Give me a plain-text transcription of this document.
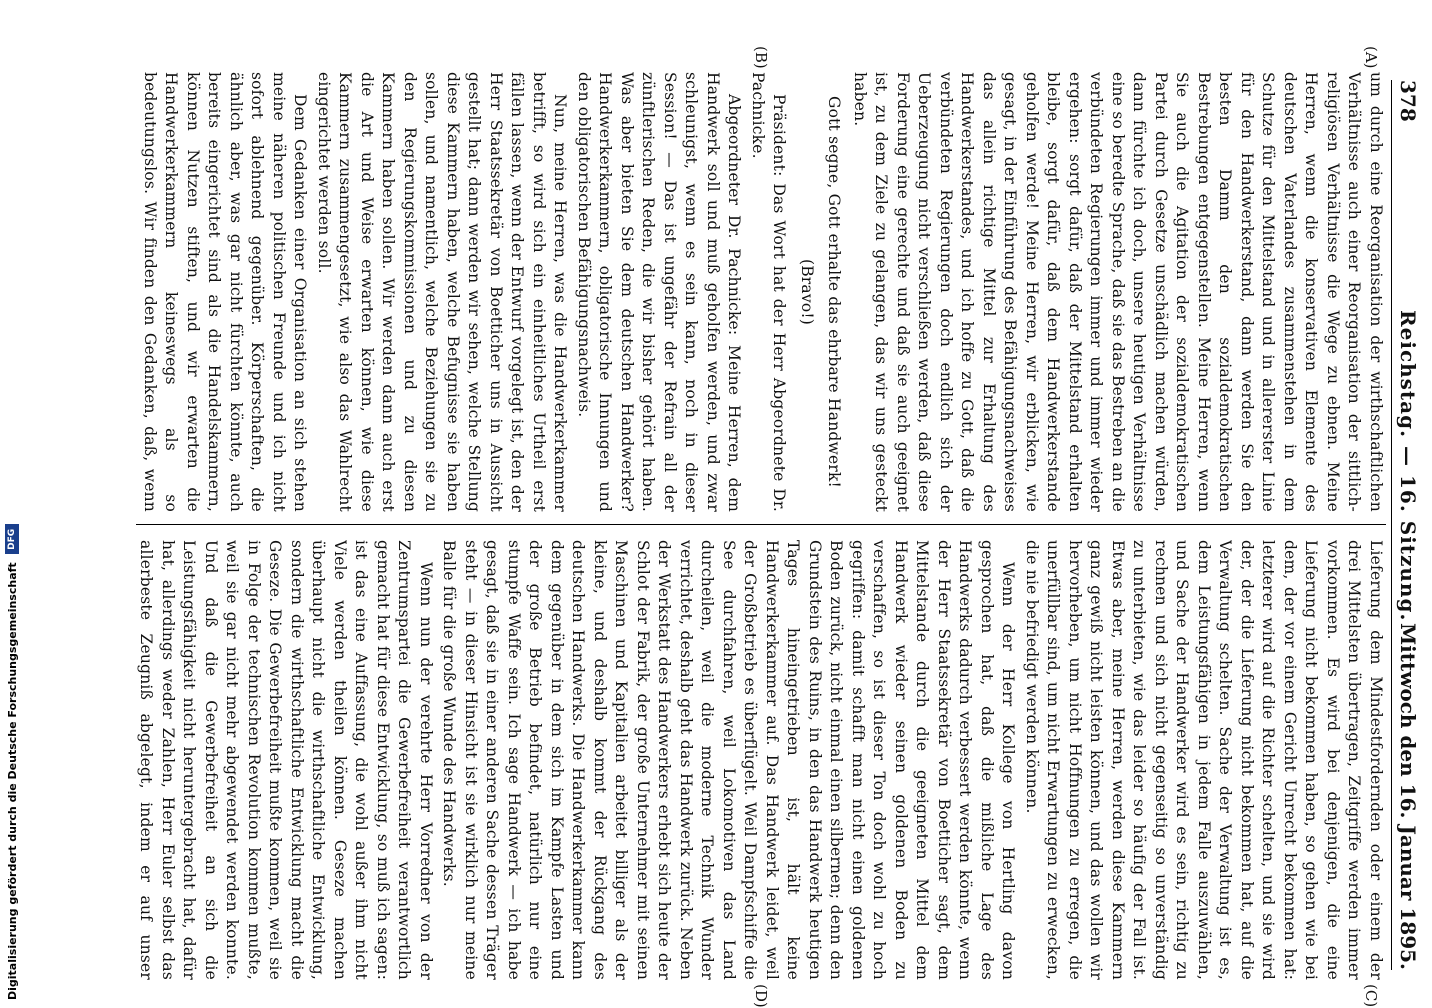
378
Reichstag. — 16. Sitzung.
Mittwoch den 16. Januar 1895.
(A)
(B)
(C)
(D)

um durch eine Reorganisation der wirthschaftlichen Verhältnisse auch einer Reorganisation der sittlich-religiösen Verhältnisse die Wege zu ebnen. Meine Herren, wenn die konservativen Elemente des deutschen Vaterlandes zusammenstehen in dem Schutze für den Mittelstand und in allererster Linie für den Handwerkerstand, dann werden Sie den besten Damm den sozialdemokratischen Bestrebungen entgegenstellen. Meine Herren, wenn Sie auch die Agitation der sozialdemokratischen Partei durch Gesetze unschädlich machen würden, dann fürchte ich doch, unsere heutigen Verhältnisse eine so beredte Sprache, daß sie das Bestreben an die verbündeten Regierungen immer und immer wieder ergehen: sorgt dafür, daß der Mittelstand erhalten bleibe, sorgt dafür, daß dem Handwerkerstande geholfen werde! Meine Herren, wir erblicken, wie gesagt, in der Einführung des Befähigungsnachweises das allein richtige Mittel zur Erhaltung des Handwerkerstandes, und ich hoffe zu Gott, daß die verbündeten Regierungen doch endlich sich der Ueberzeugung nicht verschließen werden, daß diese Forderung eine gerechte und daß sie auch geeignet ist, zu dem Ziele zu gelangen, das wir uns gesteckt haben.

Gott segne, Gott erhalte das ehrbare Handwerk!

(Bravo!)

Präsident: Das Wort hat der Herr Abgeordnete Dr. Pachnicke.

Abgeordneter Dr. Pachnicke: Meine Herren, dem Handwerk soll und muß geholfen werden, und zwar schleunigst, wenn es sein kann, noch in dieser Session! — Das ist ungefähr der Refrain all der zünftlerischen Reden, die wir bisher gehört haben. Was aber bieten Sie dem deutschen Handwerker? Handwerkerkammern, obligatorische Innungen und den obligatorischen Befähigungsnachweis.

Nun, meine Herren, was die Handwerkerkammer betrifft, so wird sich ein einheitliches Urtheil erst fällen lassen, wenn der Entwurf vorgelegt ist, den der Herr Staatssekretär von Boetticher uns in Aussicht gestellt hat; dann werden wir sehen, welche Stellung diese Kammern haben, welche Befugnisse sie haben sollen, und namentlich, welche Beziehungen sie zu den Regierungskommissionen und zu diesen Kammern haben sollen. Wir werden dann auch erst die Art und Weise erwarten können, wie diese Kammern zusammengesetzt, wie also das Wahlrecht eingerichtet werden soll.

Dem Gedanken einer Organisation an sich stehen meine näheren politischen Freunde und ich nicht sofort ablehnend gegenüber. Körperschaften, die ähnlich aber, was gar nicht fürchten könnte, auch bereits eingerichtet sind als die Handelskammern, können Nutzen stiften, und wir erwarten die Handwerkerkammern keineswegs als so bedeutungslos. Wir finden den Gedanken, daß, wenn

Lieferung dem Mindestfordernden oder einem der drei Mittelsten übertragen, Zeitgriffe werden immer vorkommen. Es wird bei denjenigen, die eine Lieferung nicht bekommen haben, so gehen wie bei dem, der vor einem Gericht Unrecht bekommen hat: letzterer wird auf die Richter schelten, und sie wird der, der die Lieferung nicht bekommen hat, auf die Verwaltung schelten. Sache der Verwaltung ist es, dem Leistungsfähigen in jedem Falle auszuwählen, und Sache der Handwerker wird es sein, richtig zu rechnen und sich nicht gegenseitig so unverständig zu unterbieten, wie das leider so häufig der Fall ist. Etwas aber, meine Herren, werden diese Kammern ganz gewiß nicht leisten können, und das wollen wir hervorheben, um nicht Hoffnungen zu erregen, die unerfüllbar sind, um nicht Erwartungen zu erwecken, die nie befriedigt werden können.

Wenn der Herr Kollege von Hertling davon gesprochen hat, daß die mißliche Lage des Handwerks dadurch verbessert werden könnte, wenn der Herr Staatssekretär von Boetticher sagt, dem Mittelstande durch die geeigneten Mittel dem Handwerk wieder seinen goldenen Boden zu verschaffen, so ist dieser Ton doch wohl zu hoch gegriffen: damit schafft man nicht einen goldenen Boden zurück, nicht einmal einen silbernen; denn den Grundstein des Ruins, in den das Handwerk heutigen Tages hineingetrieben ist, hält keine Handwerkerkammer auf. Das Handwerk leidet, weil der Großbetrieb es überflügelt. Weil Dampfschiffe die See durchfahren, weil Lokomotiven das Land durcheilen, weil die moderne Technik Wunder verrichtet, deshalb geht das Handwerk zurück. Neben der Werkstatt des Handwerkers erhebt sich heute der Schlot der Fabrik, der große Unternehmer mit seinen Maschinen und Kapitalien arbeitet billiger als der kleine, und deshalb kommt der Rückgang des deutschen Handwerks. Die Handwerkerkammer kann dem gegenüber in dem sich im Kampfe Lasten und der große Betrieb befindet, natürlich nur eine stumpfe Waffe sein. Ich sage Handwerk — ich habe gesagt, daß sie in einer anderen Sache dessen Träger steht — in dieser Hinsicht ist sie wirklich nur meine Balle für die große Wunde des Handwerks.

Wenn nun der verehrte Herr Vorredner von der Zentrumspartei die Gewerbefreiheit verantwortlich gemacht hat für diese Entwicklung, so muß ich sagen: ist das eine Auffassung, die wohl außer ihm nicht Viele werden theilen können. Geseze machen überhaupt nicht die wirthschaftliche Entwicklung, sondern die wirthschaftliche Entwicklung macht die Geseze. Die Gewerbefreiheit mußte kommen, weil sie in Folge der technischen Revolution kommen mußte, weil sie gar nicht mehr abgewendet werden konnte. Und daß die Gewerbefreiheit an sich die Leistungsfähigkeit nicht heruntergebracht hat, dafür hat, allerdings weder Zahlen, Herr Euler selbst das allerbeste Zeugniß abgelegt, indem er auf unser

Digitalisierung gefördert durch die Deutsche Forschungsgemeinschaft
DFG
